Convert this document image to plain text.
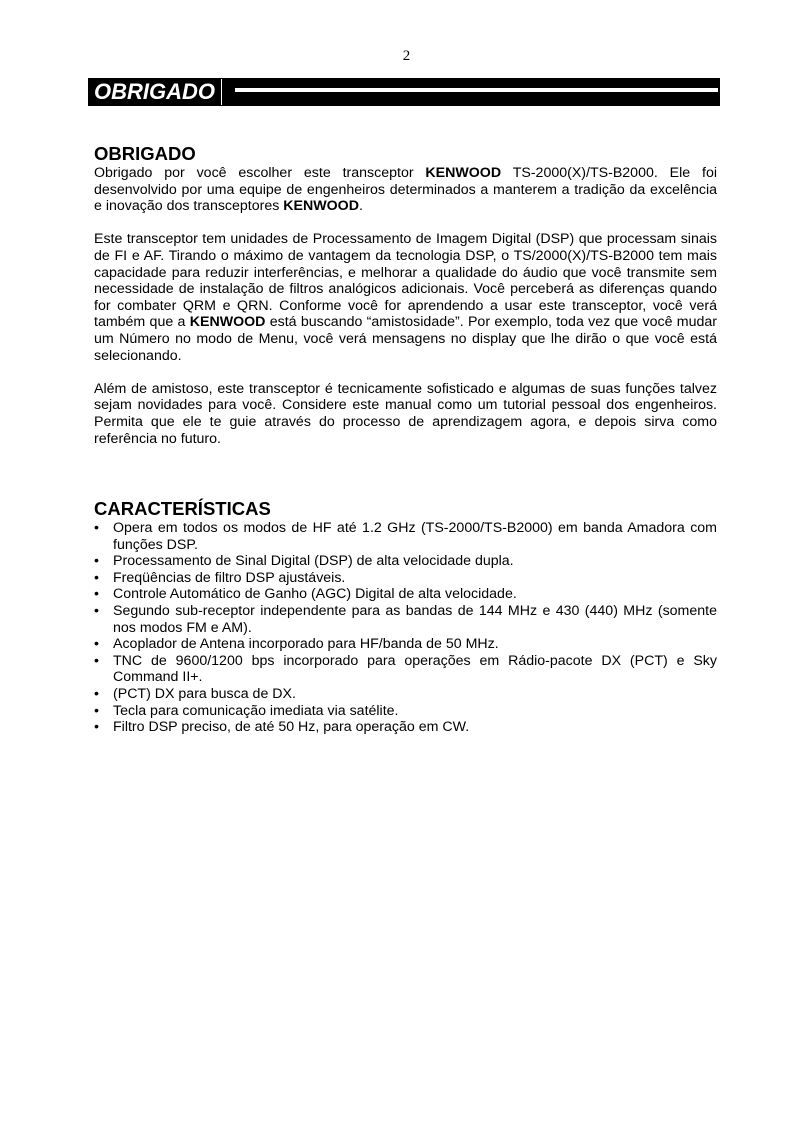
2
OBRIGADO
OBRIGADO

Obrigado por você escolher este transceptor KENWOOD TS-2000(X)/TS-B2000. Ele foi desenvolvido por uma equipe de engenheiros determinados a manterem a tradição da excelência e inovação dos transceptores KENWOOD.

Este transceptor tem unidades de Processamento de Imagem Digital (DSP) que processam sinais de FI e AF. Tirando o máximo de vantagem da tecnologia DSP, o TS/2000(X)/TS-B2000 tem mais capacidade para reduzir interferências, e melhorar a qualidade do áudio que você transmite sem necessidade de instalação de filtros analógicos adicionais. Você perceberá as diferenças quando for combater QRM e QRN. Conforme você for aprendendo a usar este transceptor, você verá também que a KENWOOD está buscando “amistosidade”. Por exemplo, toda vez que você mudar um Número no modo de Menu, você verá mensagens no display que lhe dirão o que você está selecionando.

Além de amistoso, este transceptor é tecnicamente sofisticado e algumas de suas funções talvez sejam novidades para você. Considere este manual como um tutorial pessoal dos engenheiros. Permita que ele te guie através do processo de aprendizagem agora, e depois sirva como referência no futuro.

CARACTERÍSTICAS
• Opera em todos os modos de HF até 1.2 GHz (TS-2000/TS-B2000) em banda Amadora com funções DSP.
• Processamento de Sinal Digital (DSP) de alta velocidade dupla.
• Freqüências de filtro DSP ajustáveis.
• Controle Automático de Ganho (AGC) Digital de alta velocidade.
• Segundo sub-receptor independente para as bandas de 144 MHz e 430 (440) MHz (somente nos modos FM e AM).
• Acoplador de Antena incorporado para HF/banda de 50 MHz.
• TNC de 9600/1200 bps incorporado para operações em Rádio-pacote DX (PCT) e Sky Command II+.
• (PCT) DX para busca de DX.
• Tecla para comunicação imediata via satélite.
• Filtro DSP preciso, de até 50 Hz, para operação em CW.
